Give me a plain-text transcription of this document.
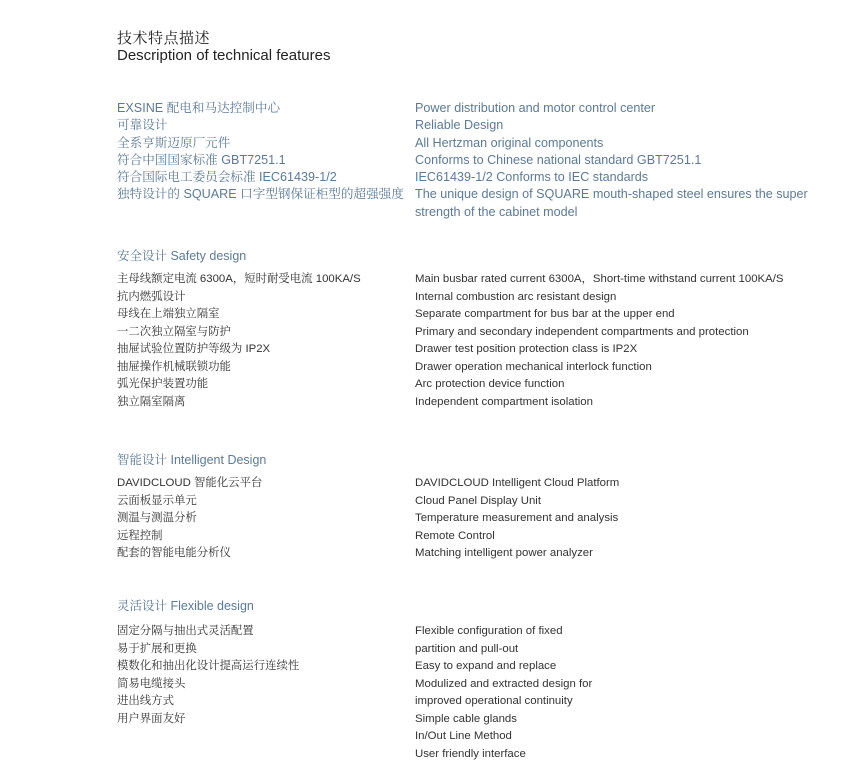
技术特点描述
Description of technical features
EXSINE 配电和马达控制中心	Power distribution and motor control center
可靠设计	Reliable Design
全系亨斯迈原厂元件	All Hertzman original components
符合中国国家标准 GBT7251.1	Conforms to Chinese national standard GBT7251.1
符合国际电工委员会标准 IEC61439-1/2	IEC61439-1/2 Conforms to IEC standards
独特设计的 SQUARE 口字型钢保证柜型的超强强度 The unique design of SQUARE mouth-shaped steel ensures the super strength of the cabinet model
安全设计 Safety design
主母线额定电流 6300A，短时耐受电流 100KA/S	Main busbar rated current 6300A，Short-time withstand current 100KA/S
抗内燃弧设计	Internal combustion arc resistant design
母线在上端独立隔室	Separate compartment for bus bar at the upper end
一二次独立隔室与防护	Primary and secondary independent compartments and protection
抽屉试验位置防护等级为 IP2X	Drawer test position protection class is IP2X
抽屉操作机械联锁功能	Drawer operation mechanical interlock function
弧光保护装置功能	Arc protection device function
独立隔室隔离	Independent compartment isolation
智能设计 Intelligent Design
DAVIDCLOUD 智能化云平台	DAVIDCLOUD Intelligent Cloud Platform
云面板显示单元	Cloud Panel Display Unit
测温与测温分析	Temperature measurement and analysis
远程控制	Remote Control
配套的智能电能分析仪	Matching intelligent power analyzer
灵活设计 Flexible design
固定分隔与抽出式灵活配置	Flexible configuration of fixed
易于扩展和更换	partition and pull-out
模数化和抽出化设计提高运行连续性	Easy to expand and replace
简易电缆接头	Modulized and extracted design for
进出线方式	improved operational continuity
用户界面友好	Simple cable glands
In/Out Line Method
User friendly interface
